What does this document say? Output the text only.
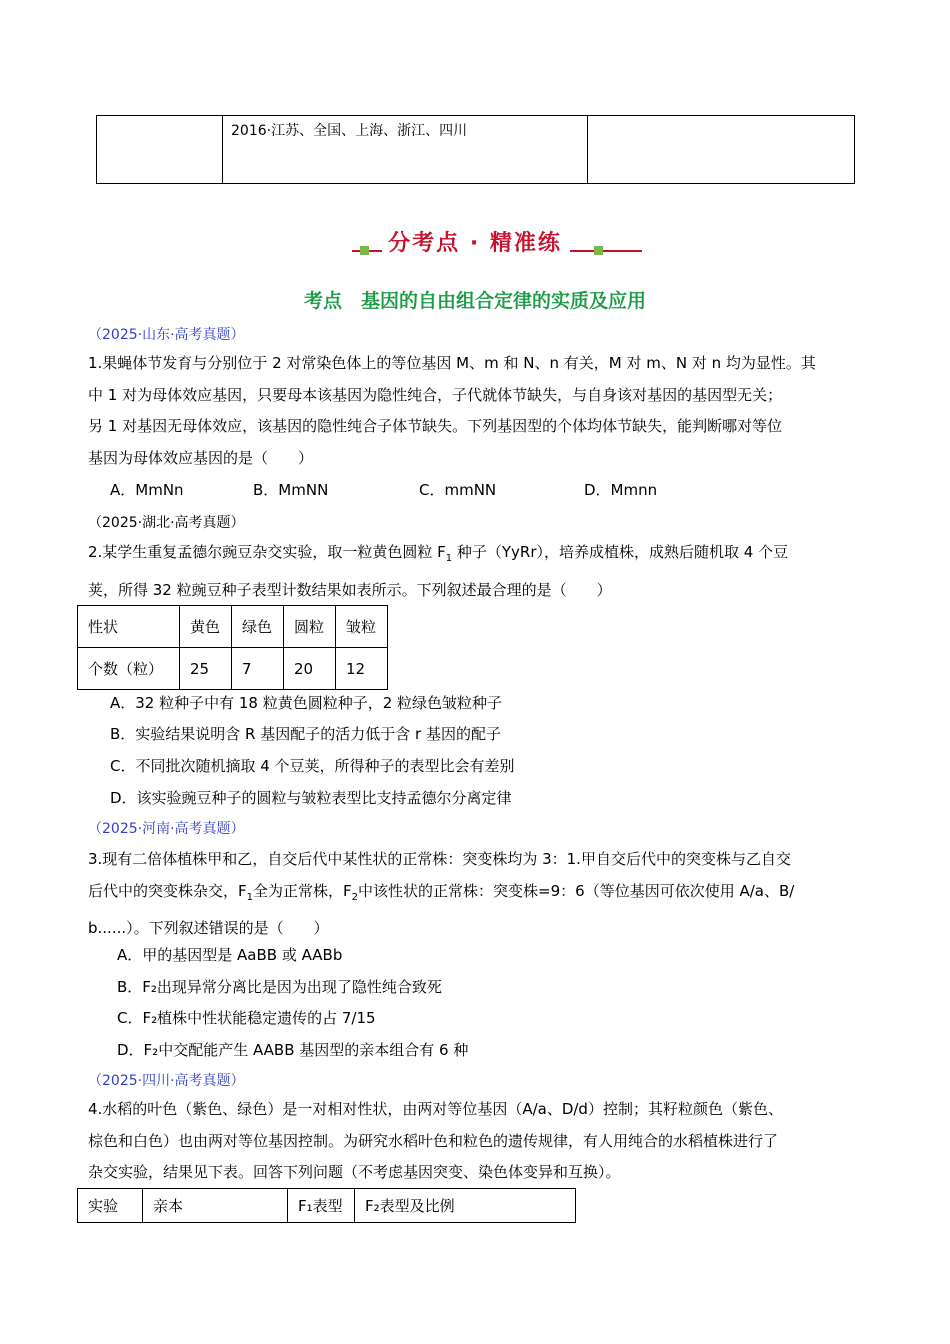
	2016·江苏、全国、上海、浙江、四川	
分考点 · 精准练
考点　基因的自由组合定律的实质及应用
（2025·山东·高考真题）
1.果蝇体节发育与分别位于 2 对常染色体上的等位基因 M、m 和 N、n 有关，M 对 m、N 对 n 均为显性。其
中 1 对为母体效应基因，只要母本该基因为隐性纯合，子代就体节缺失，与自身该对基因的基因型无关；
另 1 对基因无母体效应，该基因的隐性纯合子体节缺失。下列基因型的个体均体节缺失，能判断哪对等位
基因为母体效应基因的是（　　）
A．MmNn	B．MmNN	C．mmNN	D．Mmnn
（2025·湖北·高考真题）
2.某学生重复孟德尔豌豆杂交实验，取一粒黄色圆粒 $F_1$ 种子（YyRr），培养成植株，成熟后随机取 4 个豆
荚，所得 32 粒豌豆种子表型计数结果如表所示。下列叙述最合理的是（　　）
性状	黄色	绿色	圆粒	皱粒
个数（粒）	25	7	20	12
A．32 粒种子中有 18 粒黄色圆粒种子，2 粒绿色皱粒种子
B．实验结果说明含 R 基因配子的活力低于含 r 基因的配子
C．不同批次随机摘取 4 个豆荚，所得种子的表型比会有差别
D．该实验豌豆种子的圆粒与皱粒表型比支持孟德尔分离定律
（2025·河南·高考真题）
3.现有二倍体植株甲和乙，自交后代中某性状的正常株：突变株均为 3：1.甲自交后代中的突变株与乙自交
后代中的突变株杂交，$F_1$全为正常株，$F_2$中该性状的正常株：突变株=9：6（等位基因可依次使用 A/a、B/
b......）。下列叙述错误的是（　　）
A．甲的基因型是 AaBB 或 AABb
B．F₂出现异常分离比是因为出现了隐性纯合致死
C．F₂植株中性状能稳定遗传的占 7/15
D．F₂中交配能产生 AABB 基因型的亲本组合有 6 种
（2025·四川·高考真题）
4.水稻的叶色（紫色、绿色）是一对相对性状，由两对等位基因（A/a、D/d）控制；其籽粒颜色（紫色、
棕色和白色）也由两对等位基因控制。为研究水稻叶色和粒色的遗传规律，有人用纯合的水稻植株进行了
杂交实验，结果见下表。回答下列问题（不考虑基因突变、染色体变异和互换）。
实验	亲本	F₁表型	F₂表型及比例
